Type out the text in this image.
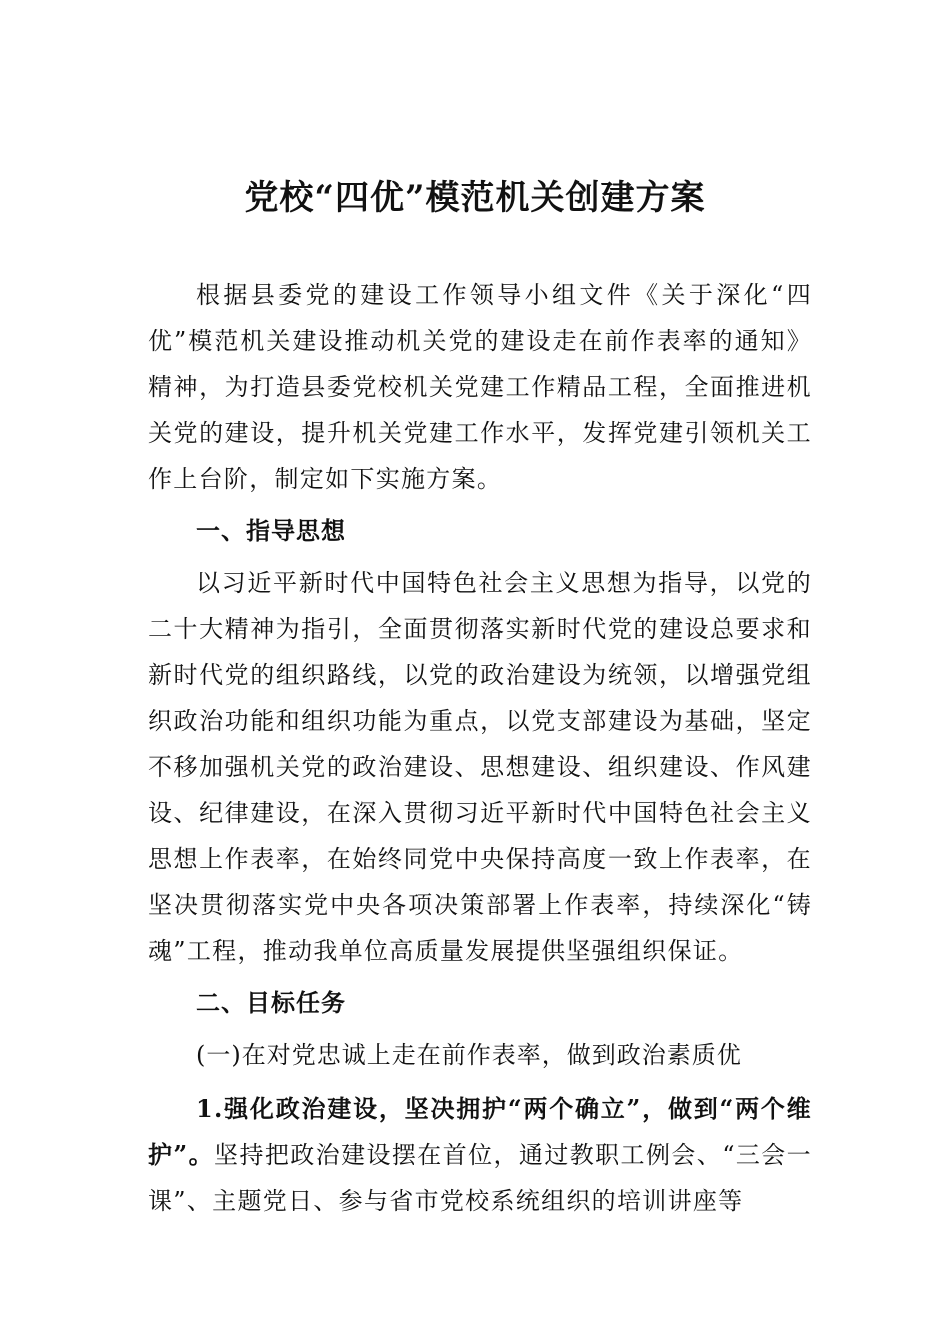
党校“四优”模范机关创建方案

根据县委党的建设工作领导小组文件《关于深化“四优”模范机关建设推动机关党的建设走在前作表率的通知》精神，为打造县委党校机关党建工作精品工程，全面推进机关党的建设，提升机关党建工作水平，发挥党建引领机关工作上台阶，制定如下实施方案。

一、指导思想

以习近平新时代中国特色社会主义思想为指导，以党的二十大精神为指引，全面贯彻落实新时代党的建设总要求和新时代党的组织路线，以党的政治建设为统领，以增强党组织政治功能和组织功能为重点，以党支部建设为基础，坚定不移加强机关党的政治建设、思想建设、组织建设、作风建设、纪律建设，在深入贯彻习近平新时代中国特色社会主义思想上作表率，在始终同党中央保持高度一致上作表率，在坚决贯彻落实党中央各项决策部署上作表率，持续深化“铸魂”工程，推动我单位高质量发展提供坚强组织保证。

二、目标任务

(一)在对党忠诚上走在前作表率，做到政治素质优

1.强化政治建设，坚决拥护“两个确立”，做到“两个维护”。坚持把政治建设摆在首位，通过教职工例会、“三会一课”、主题党日、参与省市党校系统组织的培训讲座等
